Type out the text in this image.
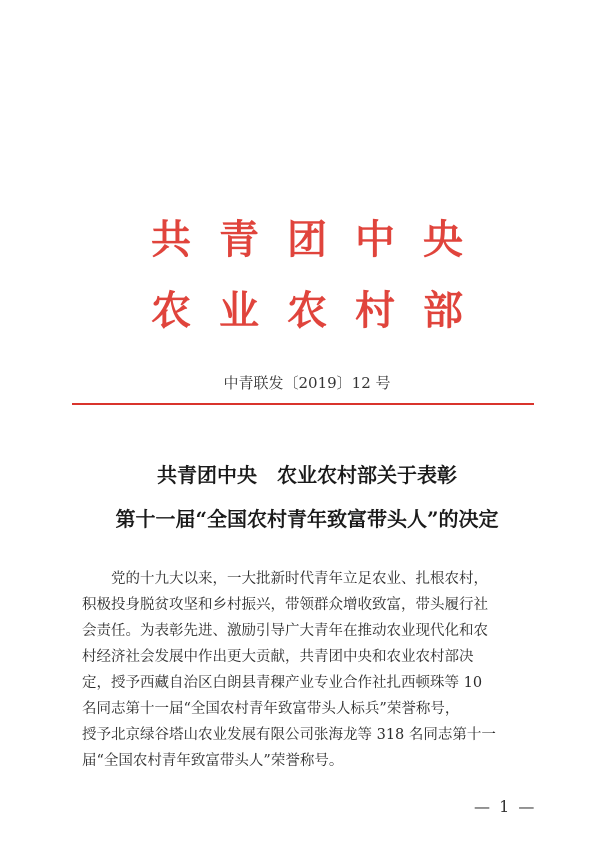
共青团中央
农业农村部
中青联发〔2019〕12 号
共青团中央　农业农村部关于表彰
第十一届“全国农村青年致富带头人”的决定
　　党的十九大以来，一大批新时代青年立足农业、扎根农村，
积极投身脱贫攻坚和乡村振兴，带领群众增收致富，带头履行社
会责任。为表彰先进、激励引导广大青年在推动农业现代化和农
村经济社会发展中作出更大贡献，共青团中央和农业农村部决
定，授予西藏自治区白朗县青稞产业专业合作社扎西顿珠等 10
名同志第十一届“全国农村青年致富带头人标兵”荣誉称号，
授予北京绿谷塔山农业发展有限公司张海龙等 318 名同志第十一
届“全国农村青年致富带头人”荣誉称号。
— 1 —
